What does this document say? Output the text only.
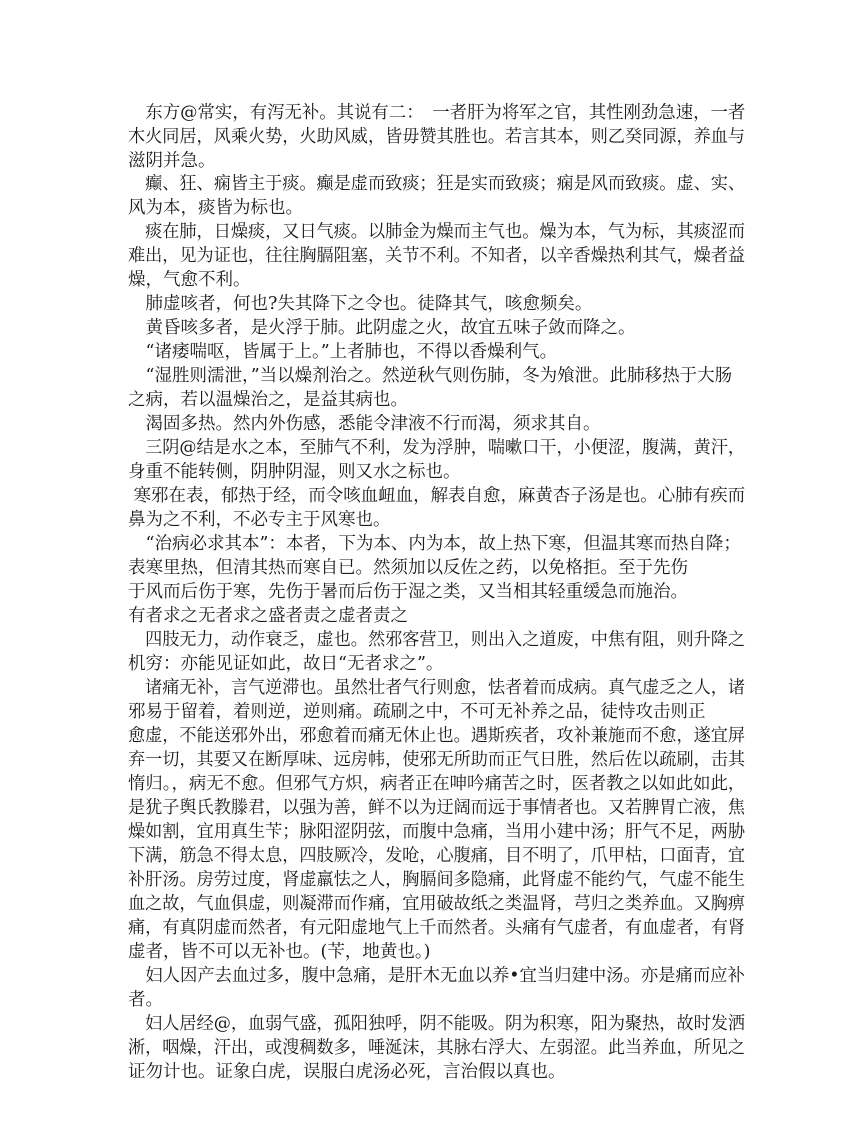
　东方@常实，有泻无补。其说有二：　一者肝为将军之官，其性刚劲急速，一者
木火同居，风乘火势，火助风威，皆毋赞其胜也。若言其本，则乙癸同源，养血与
滋阴并急。
　癫、狂、痫皆主于痰。癫是虚而致痰；狂是实而致痰；痫是风而致痰。虚、实、
风为本，痰皆为标也。
　痰在肺，日燥痰，又日气痰。以肺金为燥而主气也。燥为本，气为标，其痰涩而
难出，见为证也，往往胸膈阻塞，关节不利。不知者，以辛香燥热利其气，燥者益
燥，气愈不利。
　肺虚咳者，何也?失其降下之令也。徒降其气，咳愈频矣。
　黄昏咳多者，是火浮于肺。此阴虚之火，故宜五味子敛而降之。
　“诸痿喘呕，皆属于上。”上者肺也，不得以香燥利气。
　“湿胜则濡泄，”当以燥剂治之。然逆秋气则伤肺，冬为飧泄。此肺移热于大肠
之病，若以温燥治之，是益其病也。
　渴固多热。然内外伤感，悉能令津液不行而渴，须求其自。
　三阴@结是水之本，至肺气不利，发为浮肿，喘嗽口干，小便涩，腹满，黄汗，
身重不能转侧，阴肿阴湿，则又水之标也。
寒邪在表，郁热于经，而令咳血衄血，解表自愈，麻黄杏子汤是也。心肺有疾而
鼻为之不利，不必专主于风寒也。
　“治病必求其本”：本者，下为本、内为本，故上热下寒，但温其寒而热自降；
表寒里热，但清其热而寒自已。然须加以反佐之药，以免格拒。至于先伤
于风而后伤于寒，先伤于暑而后伤于湿之类，又当相其轻重缓急而施治。
有者求之无者求之盛者责之虚者责之
　四肢无力，动作衰乏，虚也。然邪客营卫，则出入之道废，中焦有阻，则升降之
机穷：亦能见证如此，故日“无者求之”。
　诸痛无补，言气逆滞也。虽然壮者气行则愈，怯者着而成病。真气虚乏之人，诸
邪易于留着，着则逆，逆则痛。疏刷之中，不可无补养之品，徒恃攻击则正
愈虚，不能送邪外出，邪愈着而痛无休止也。遇斯疾者，攻补兼施而不愈，遂宜屏
弃一切，其要又在断厚味、远房帏，使邪无所助而正气日胜，然后佐以疏刷，击其
惰归。，病无不愈。但邪气方炽，病者正在呻吟痛苦之时，医者教之以如此如此，
是犹子舆氏教滕君，以强为善，鲜不以为迂阔而远于事情者也。又若脾胃亡液，焦
燥如割，宜用真生苄；脉阳涩阴弦，而腹中急痛，当用小建中汤；肝气不足，两胁
下满，筋急不得太息，四肢厥冷，发呛，心腹痛，目不明了，爪甲枯，口面青，宜
补肝汤。房劳过度，肾虚羸怯之人，胸膈间多隐痛，此肾虚不能约气，气虚不能生
血之故，气血俱虚，则凝滞而作痛，宜用破故纸之类温肾，芎归之类养血。又胸痹
痛，有真阴虚而然者，有元阳虚地气上千而然者。头痛有气虚者，有血虚者，有肾
虚者，皆不可以无补也。(苄，地黄也。)
　妇人因产去血过多，腹中急痛，是肝木无血以养•宜当归建中汤。亦是痛而应补
者。
　妇人居经@，血弱气盛，孤阳独呼，阴不能吸。阴为积寒，阳为聚热，故时发洒
淅，咽燥，汗出，或溲稠数多，唾涎沫，其脉右浮大、左弱涩。此当养血，所见之
证勿计也。证象白虎，误服白虎汤必死，言治假以真也。
